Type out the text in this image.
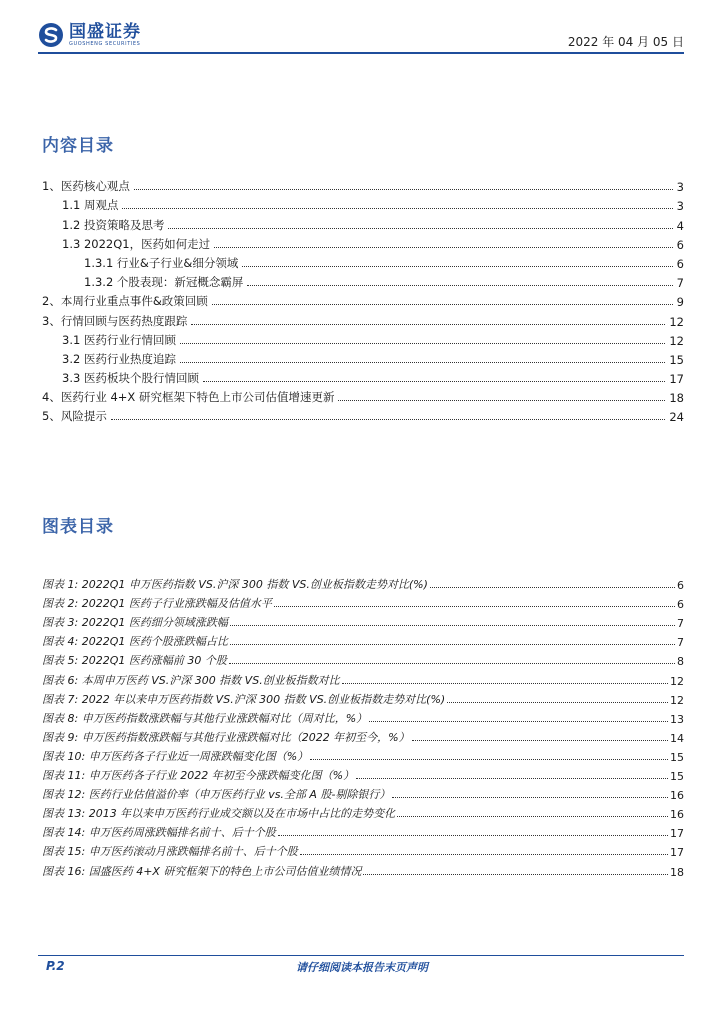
国盛证券
GUOSHENG SECURITIES	2022 年 04 月 05 日
内容目录
1、医药核心观点	3
1.1 周观点	3
1.2 投资策略及思考	4
1.3 2022Q1，医药如何走过	6
1.3.1 行业&子行业&细分领域	6
1.3.2 个股表现：新冠概念霸屏	7
2、本周行业重点事件&政策回顾	9
3、行情回顾与医药热度跟踪	12
3.1 医药行业行情回顾	12
3.2 医药行业热度追踪	15
3.3 医药板块个股行情回顾	17
4、医药行业 4+X 研究框架下特色上市公司估值增速更新	18
5、风险提示	24
图表目录
图表 1: 2022Q1 申万医药指数 VS.沪深 300 指数 VS.创业板指数走势对比(%)	6
图表 2: 2022Q1 医药子行业涨跌幅及估值水平	6
图表 3: 2022Q1 医药细分领域涨跌幅	7
图表 4: 2022Q1 医药个股涨跌幅占比	7
图表 5: 2022Q1 医药涨幅前 30 个股	8
图表 6: 本周申万医药 VS.沪深 300 指数 VS.创业板指数对比	12
图表 7: 2022 年以来申万医药指数 VS.沪深 300 指数 VS.创业板指数走势对比(%)	12
图表 8: 申万医药指数涨跌幅与其他行业涨跌幅对比（周对比，%）	13
图表 9: 申万医药指数涨跌幅与其他行业涨跌幅对比（2022 年初至今，%）	14
图表 10: 申万医药各子行业近一周涨跌幅变化图（%）	15
图表 11: 申万医药各子行业 2022 年初至今涨跌幅变化图（%）	15
图表 12: 医药行业估值溢价率（申万医药行业 vs.全部 A 股-剔除银行）	16
图表 13: 2013 年以来申万医药行业成交额以及在市场中占比的走势变化	16
图表 14: 申万医药周涨跌幅排名前十、后十个股	17
图表 15: 申万医药滚动月涨跌幅排名前十、后十个股	17
图表 16: 国盛医药 4+X 研究框架下的特色上市公司估值业绩情况	18
请仔细阅读本报告末页声明
P.2
